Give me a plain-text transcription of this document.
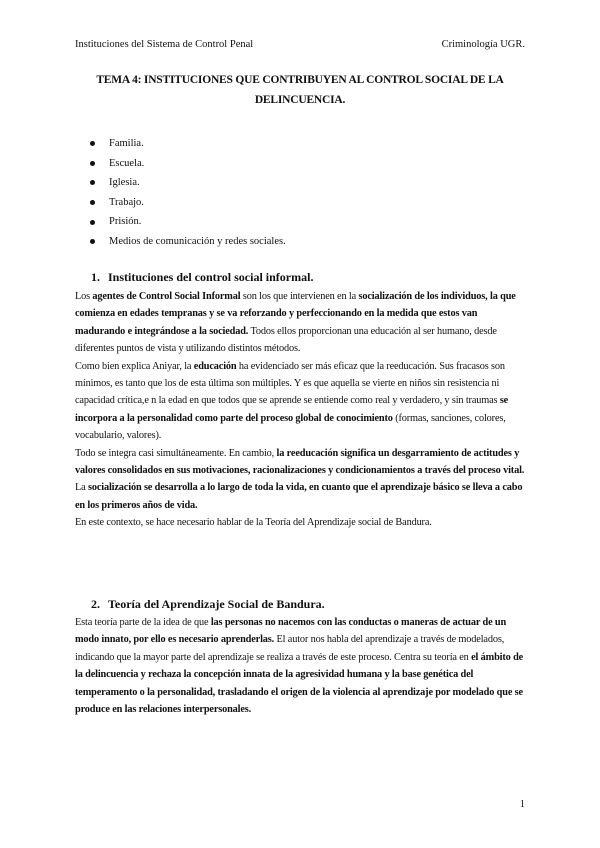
Instituciones del Sistema de Control Penal	Criminología UGR.
TEMA 4: INSTITUCIONES QUE CONTRIBUYEN AL CONTROL SOCIAL DE LA
DELINCUENCIA.
Familia.
Escuela.
Iglesia.
Trabajo.
Prisión.
Medios de comunicación y redes sociales.
1. Instituciones del control social informal.

Los agentes de Control Social Informal son los que intervienen en la socialización de los individuos, la que comienza en edades tempranas y se va reforzando y perfeccionando en la medida que estos van madurando e integrándose a la sociedad. Todos ellos proporcionan una educación al ser humano, desde diferentes puntos de vista y utilizando distintos métodos.

Como bien explica Aniyar, la educación ha evidenciado ser más eficaz que la reeducación. Sus fracasos son mínimos, es tanto que los de esta última son múltiples. Y es que aquella se vierte en niños sin resistencia ni capacidad crítica,e n la edad en que todos que se aprende se entiende como real y verdadero, y sin traumas se incorpora a la personalidad como parte del proceso global de conocimiento (formas, sanciones, colores, vocabulario, valores).

Todo se integra casi simultáneamente. En cambio, la reeducación significa un desgarramiento de actitudes y valores consolidados en sus motivaciones, racionalizaciones y condicionamientos a través del proceso vital.

La socialización se desarrolla a lo largo de toda la vida, en cuanto que el aprendizaje básico se lleva a cabo en los primeros años de vida.

En este contexto, se hace necesario hablar de la Teoría del Aprendizaje social de Bandura.

2. Teoría del Aprendizaje Social de Bandura.

Esta teoría parte de la idea de que las personas no nacemos con las conductas o maneras de actuar de un modo innato, por ello es necesario aprenderlas. El autor nos habla del aprendizaje a través de modelados, indicando que la mayor parte del aprendizaje se realiza a través de este proceso. Centra su teoría en el ámbito de la delincuencia y rechaza la concepción innata de la agresividad humana y la base genética del temperamento o la personalidad, trasladando el origen de la violencia al aprendizaje por modelado que se produce en las relaciones interpersonales.

1
